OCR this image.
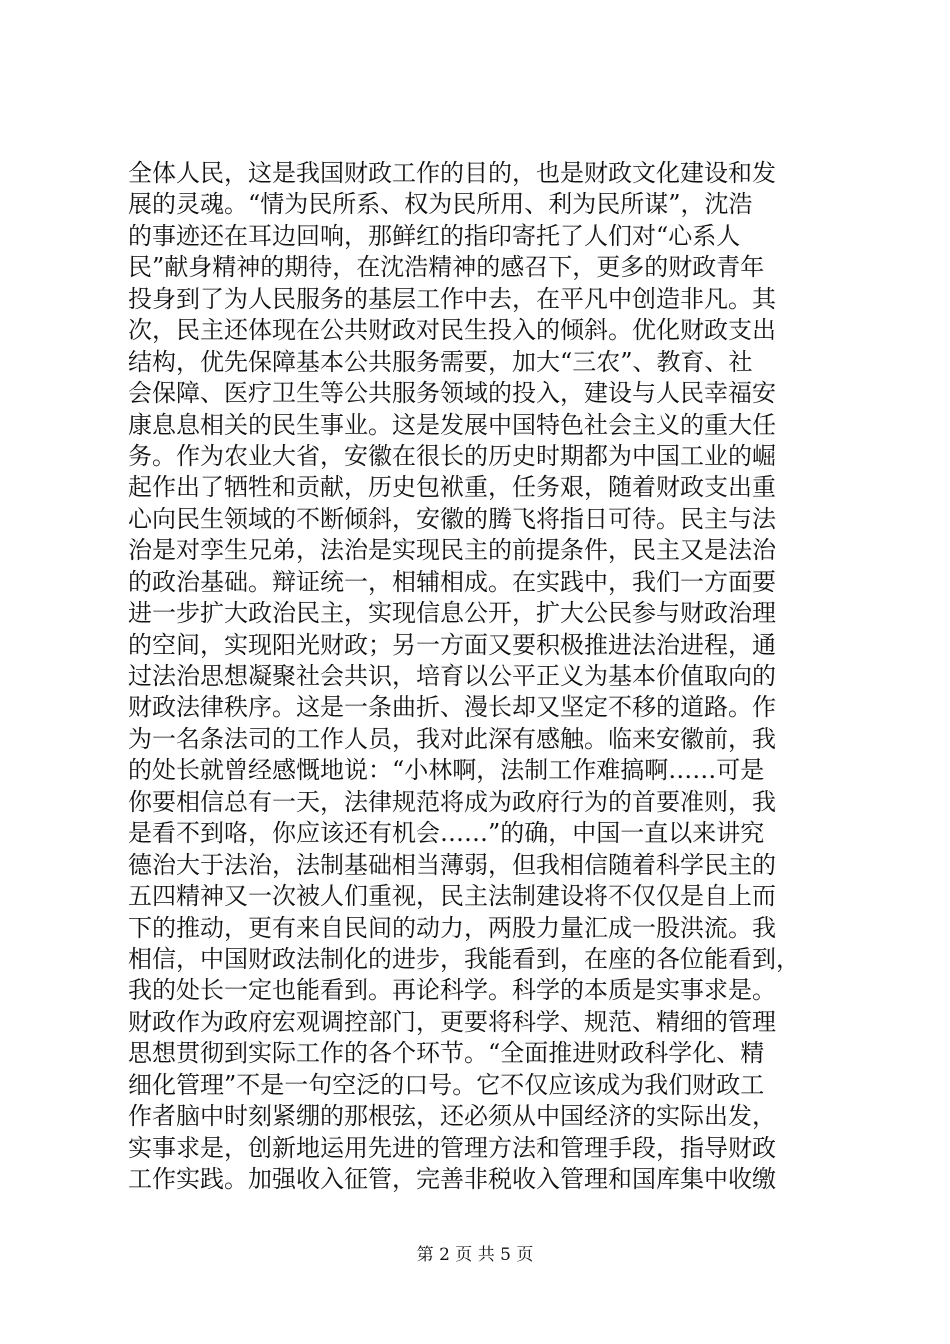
全体人民，这是我国财政工作的目的，也是财政文化建设和发
展的灵魂。“情为民所系、权为民所用、利为民所谋”，沈浩
的事迹还在耳边回响，那鲜红的指印寄托了人们对“心系人
民”献身精神的期待，在沈浩精神的感召下，更多的财政青年
投身到了为人民服务的基层工作中去，在平凡中创造非凡。其
次，民主还体现在公共财政对民生投入的倾斜。优化财政支出
结构，优先保障基本公共服务需要，加大“三农”、教育、社
会保障、医疗卫生等公共服务领域的投入，建设与人民幸福安
康息息相关的民生事业。这是发展中国特色社会主义的重大任
务。作为农业大省，安徽在很长的历史时期都为中国工业的崛
起作出了牺牲和贡献，历史包袱重，任务艰，随着财政支出重
心向民生领域的不断倾斜，安徽的腾飞将指日可待。民主与法
治是对孪生兄弟，法治是实现民主的前提条件，民主又是法治
的政治基础。辩证统一，相辅相成。在实践中，我们一方面要
进一步扩大政治民主，实现信息公开，扩大公民参与财政治理
的空间，实现阳光财政；另一方面又要积极推进法治进程，通
过法治思想凝聚社会共识，培育以公平正义为基本价值取向的
财政法律秩序。这是一条曲折、漫长却又坚定不移的道路。作
为一名条法司的工作人员，我对此深有感触。临来安徽前，我
的处长就曾经感慨地说：“小林啊，法制工作难搞啊……可是
你要相信总有一天，法律规范将成为政府行为的首要准则，我
是看不到咯，你应该还有机会……”的确，中国一直以来讲究
德治大于法治，法制基础相当薄弱，但我相信随着科学民主的
五四精神又一次被人们重视，民主法制建设将不仅仅是自上而
下的推动，更有来自民间的动力，两股力量汇成一股洪流。我
相信，中国财政法制化的进步，我能看到，在座的各位能看到，
我的处长一定也能看到。再论科学。科学的本质是实事求是。
财政作为政府宏观调控部门，更要将科学、规范、精细的管理
思想贯彻到实际工作的各个环节。“全面推进财政科学化、精
细化管理”不是一句空泛的口号。它不仅应该成为我们财政工
作者脑中时刻紧绷的那根弦，还必须从中国经济的实际出发，
实事求是，创新地运用先进的管理方法和管理手段，指导财政
工作实践。加强收入征管，完善非税收入管理和国库集中收缴
第 2 页 共 5 页
